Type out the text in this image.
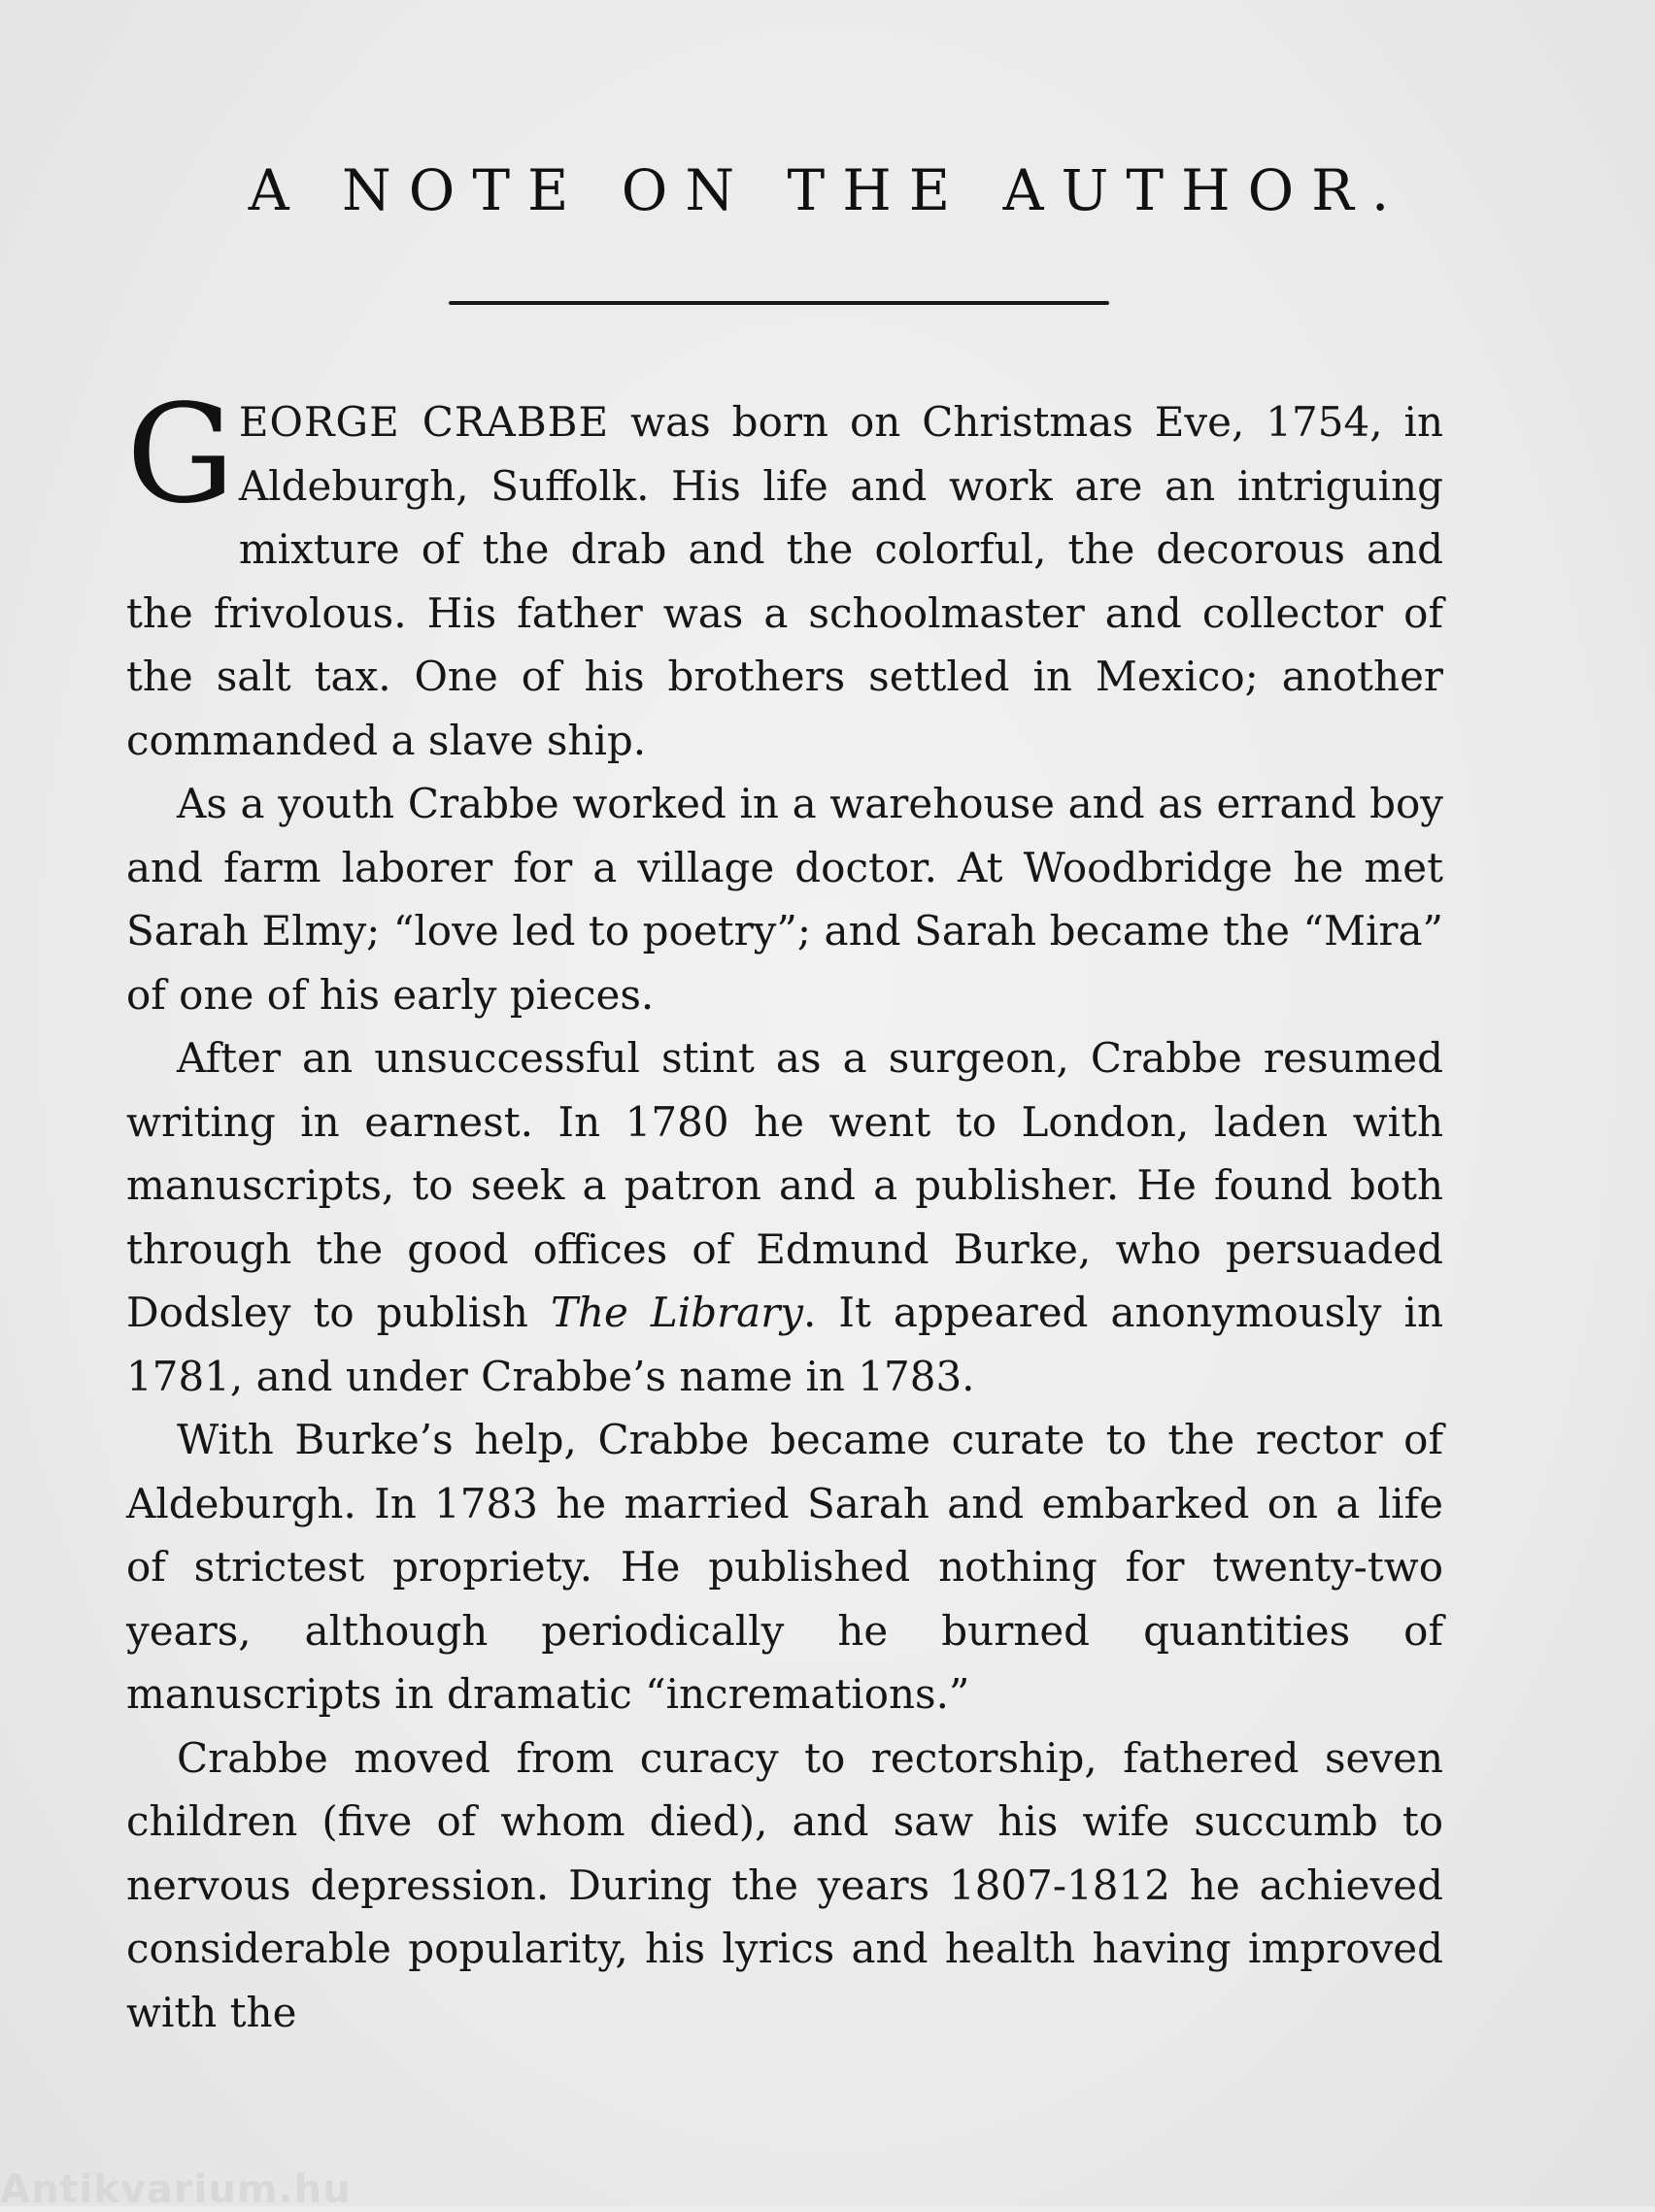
A NOTE ON THE AUTHOR.

GEORGE CRABBE was born on Christmas Eve, 1754, in Aldeburgh, Suffolk. His life and work are an intriguing mixture of the drab and the colorful, the decorous and the frivolous. His father was a schoolmaster and collector of the salt tax. One of his brothers settled in Mexico; another commanded a slave ship.

As a youth Crabbe worked in a warehouse and as errand boy and farm laborer for a village doctor. At Woodbridge he met Sarah Elmy; “love led to poetry”; and Sarah became the “Mira” of one of his early pieces.

After an unsuccessful stint as a surgeon, Crabbe resumed writing in earnest. In 1780 he went to London, laden with manuscripts, to seek a patron and a publisher. He found both through the good offices of Edmund Burke, who persuaded Dodsley to publish The Library. It appeared anonymously in 1781, and under Crabbe’s name in 1783.

With Burke’s help, Crabbe became curate to the rector of Aldeburgh. In 1783 he married Sarah and embarked on a life of strictest propriety. He published nothing for twenty-two years, although periodically he burned quantities of manuscripts in dramatic “incremations.”

Crabbe moved from curacy to rectorship, fathered seven children (five of whom died), and saw his wife succumb to nervous depression. During the years 1807-1812 he achieved considerable popularity, his lyrics and health having improved with the

Antikvarium.hu
